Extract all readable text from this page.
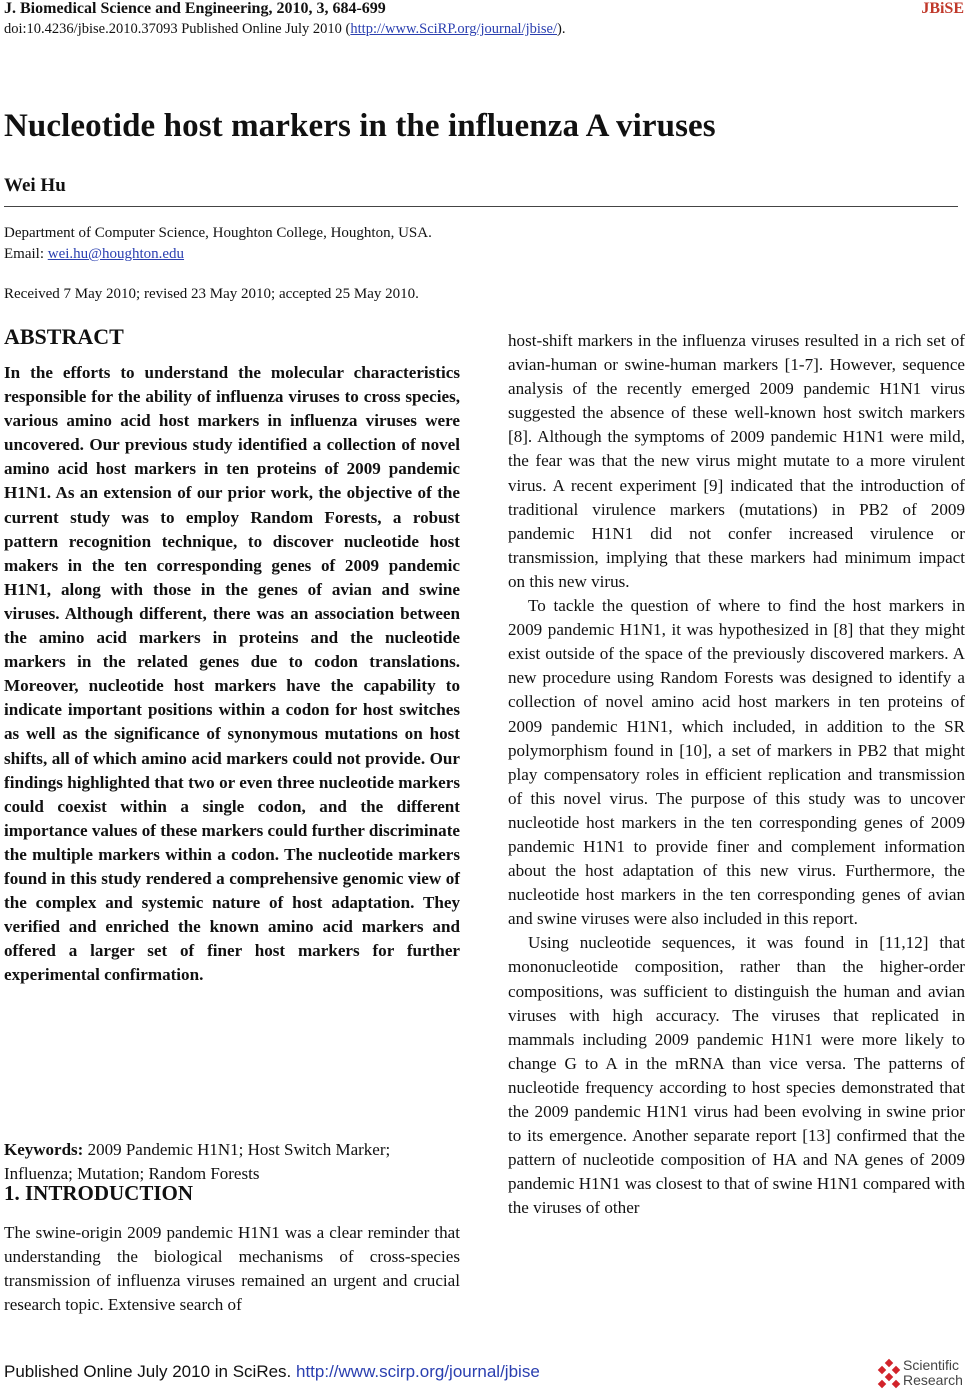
J. Biomedical Science and Engineering, 2010, 3, 684-699	JBiSE
doi:10.4236/jbise.2010.37093 Published Online July 2010 (http://www.SciRP.org/journal/jbise/).
Nucleotide host markers in the influenza A viruses
Wei Hu
Department of Computer Science, Houghton College, Houghton, USA.
Email: wei.hu@houghton.edu
Received 7 May 2010; revised 23 May 2010; accepted 25 May 2010.
ABSTRACT
In the efforts to understand the molecular characteristics responsible for the ability of influenza viruses to cross species, various amino acid host markers in influenza viruses were uncovered. Our previous study identified a collection of novel amino acid host markers in ten proteins of 2009 pandemic H1N1. As an extension of our prior work, the objective of the current study was to employ Random Forests, a robust pattern recognition technique, to discover nucleotide host makers in the ten corresponding genes of 2009 pandemic H1N1, along with those in the genes of avian and swine viruses. Although different, there was an association between the amino acid markers in proteins and the nucleotide markers in the related genes due to codon translations. Moreover, nucleotide host markers have the capability to indicate important positions within a codon for host switches as well as the significance of synonymous mutations on host shifts, all of which amino acid markers could not provide. Our findings highlighted that two or even three nucleotide markers could coexist within a single codon, and the different importance values of these markers could further discriminate the multiple markers within a codon. The nucleotide markers found in this study rendered a comprehensive genomic view of the complex and systemic nature of host adaptation. They verified and enriched the known amino acid markers and offered a larger set of finer host markers for further experimental confirmation.
Keywords: 2009 Pandemic H1N1; Host Switch Marker; Influenza; Mutation; Random Forests
1. INTRODUCTION
The swine-origin 2009 pandemic H1N1 was a clear reminder that understanding the biological mechanisms of cross-species transmission of influenza viruses remained an urgent and crucial research topic. Extensive search of

host-shift markers in the influenza viruses resulted in a rich set of avian-human or swine-human markers [1-7]. However, sequence analysis of the recently emerged 2009 pandemic H1N1 virus suggested the absence of these well-known host switch markers [8]. Although the symptoms of 2009 pandemic H1N1 were mild, the fear was that the new virus might mutate to a more virulent virus. A recent experiment [9] indicated that the introduction of traditional virulence markers (mutations) in PB2 of 2009 pandemic H1N1 did not confer increased virulence or transmission, implying that these markers had minimum impact on this new virus.

To tackle the question of where to find the host markers in 2009 pandemic H1N1, it was hypothesized in [8] that they might exist outside of the space of the previously discovered markers. A new procedure using Random Forests was designed to identify a collection of novel amino acid host markers in ten proteins of 2009 pandemic H1N1, which included, in addition to the SR polymorphism found in [10], a set of markers in PB2 that might play compensatory roles in efficient replication and transmission of this novel virus. The purpose of this study was to uncover nucleotide host markers in the ten corresponding genes of 2009 pandemic H1N1 to provide finer and complement information about the host adaptation of this new virus. Furthermore, the nucleotide host markers in the ten corresponding genes of avian and swine viruses were also included in this report.

Using nucleotide sequences, it was found in [11,12] that mononucleotide composition, rather than the higher-order compositions, was sufficient to distinguish the human and avian viruses with high accuracy. The viruses that replicated in mammals including 2009 pandemic H1N1 were more likely to change G to A in the mRNA than vice versa. The patterns of nucleotide frequency according to host species demonstrated that the 2009 pandemic H1N1 virus had been evolving in swine prior to its emergence. Another separate report [13] confirmed that the pattern of nucleotide composition of HA and NA genes of 2009 pandemic H1N1 was closest to that of swine H1N1 compared with the viruses of other

Published Online July 2010 in SciRes. http://www.scirp.org/journal/jbise	Scientific
Research
